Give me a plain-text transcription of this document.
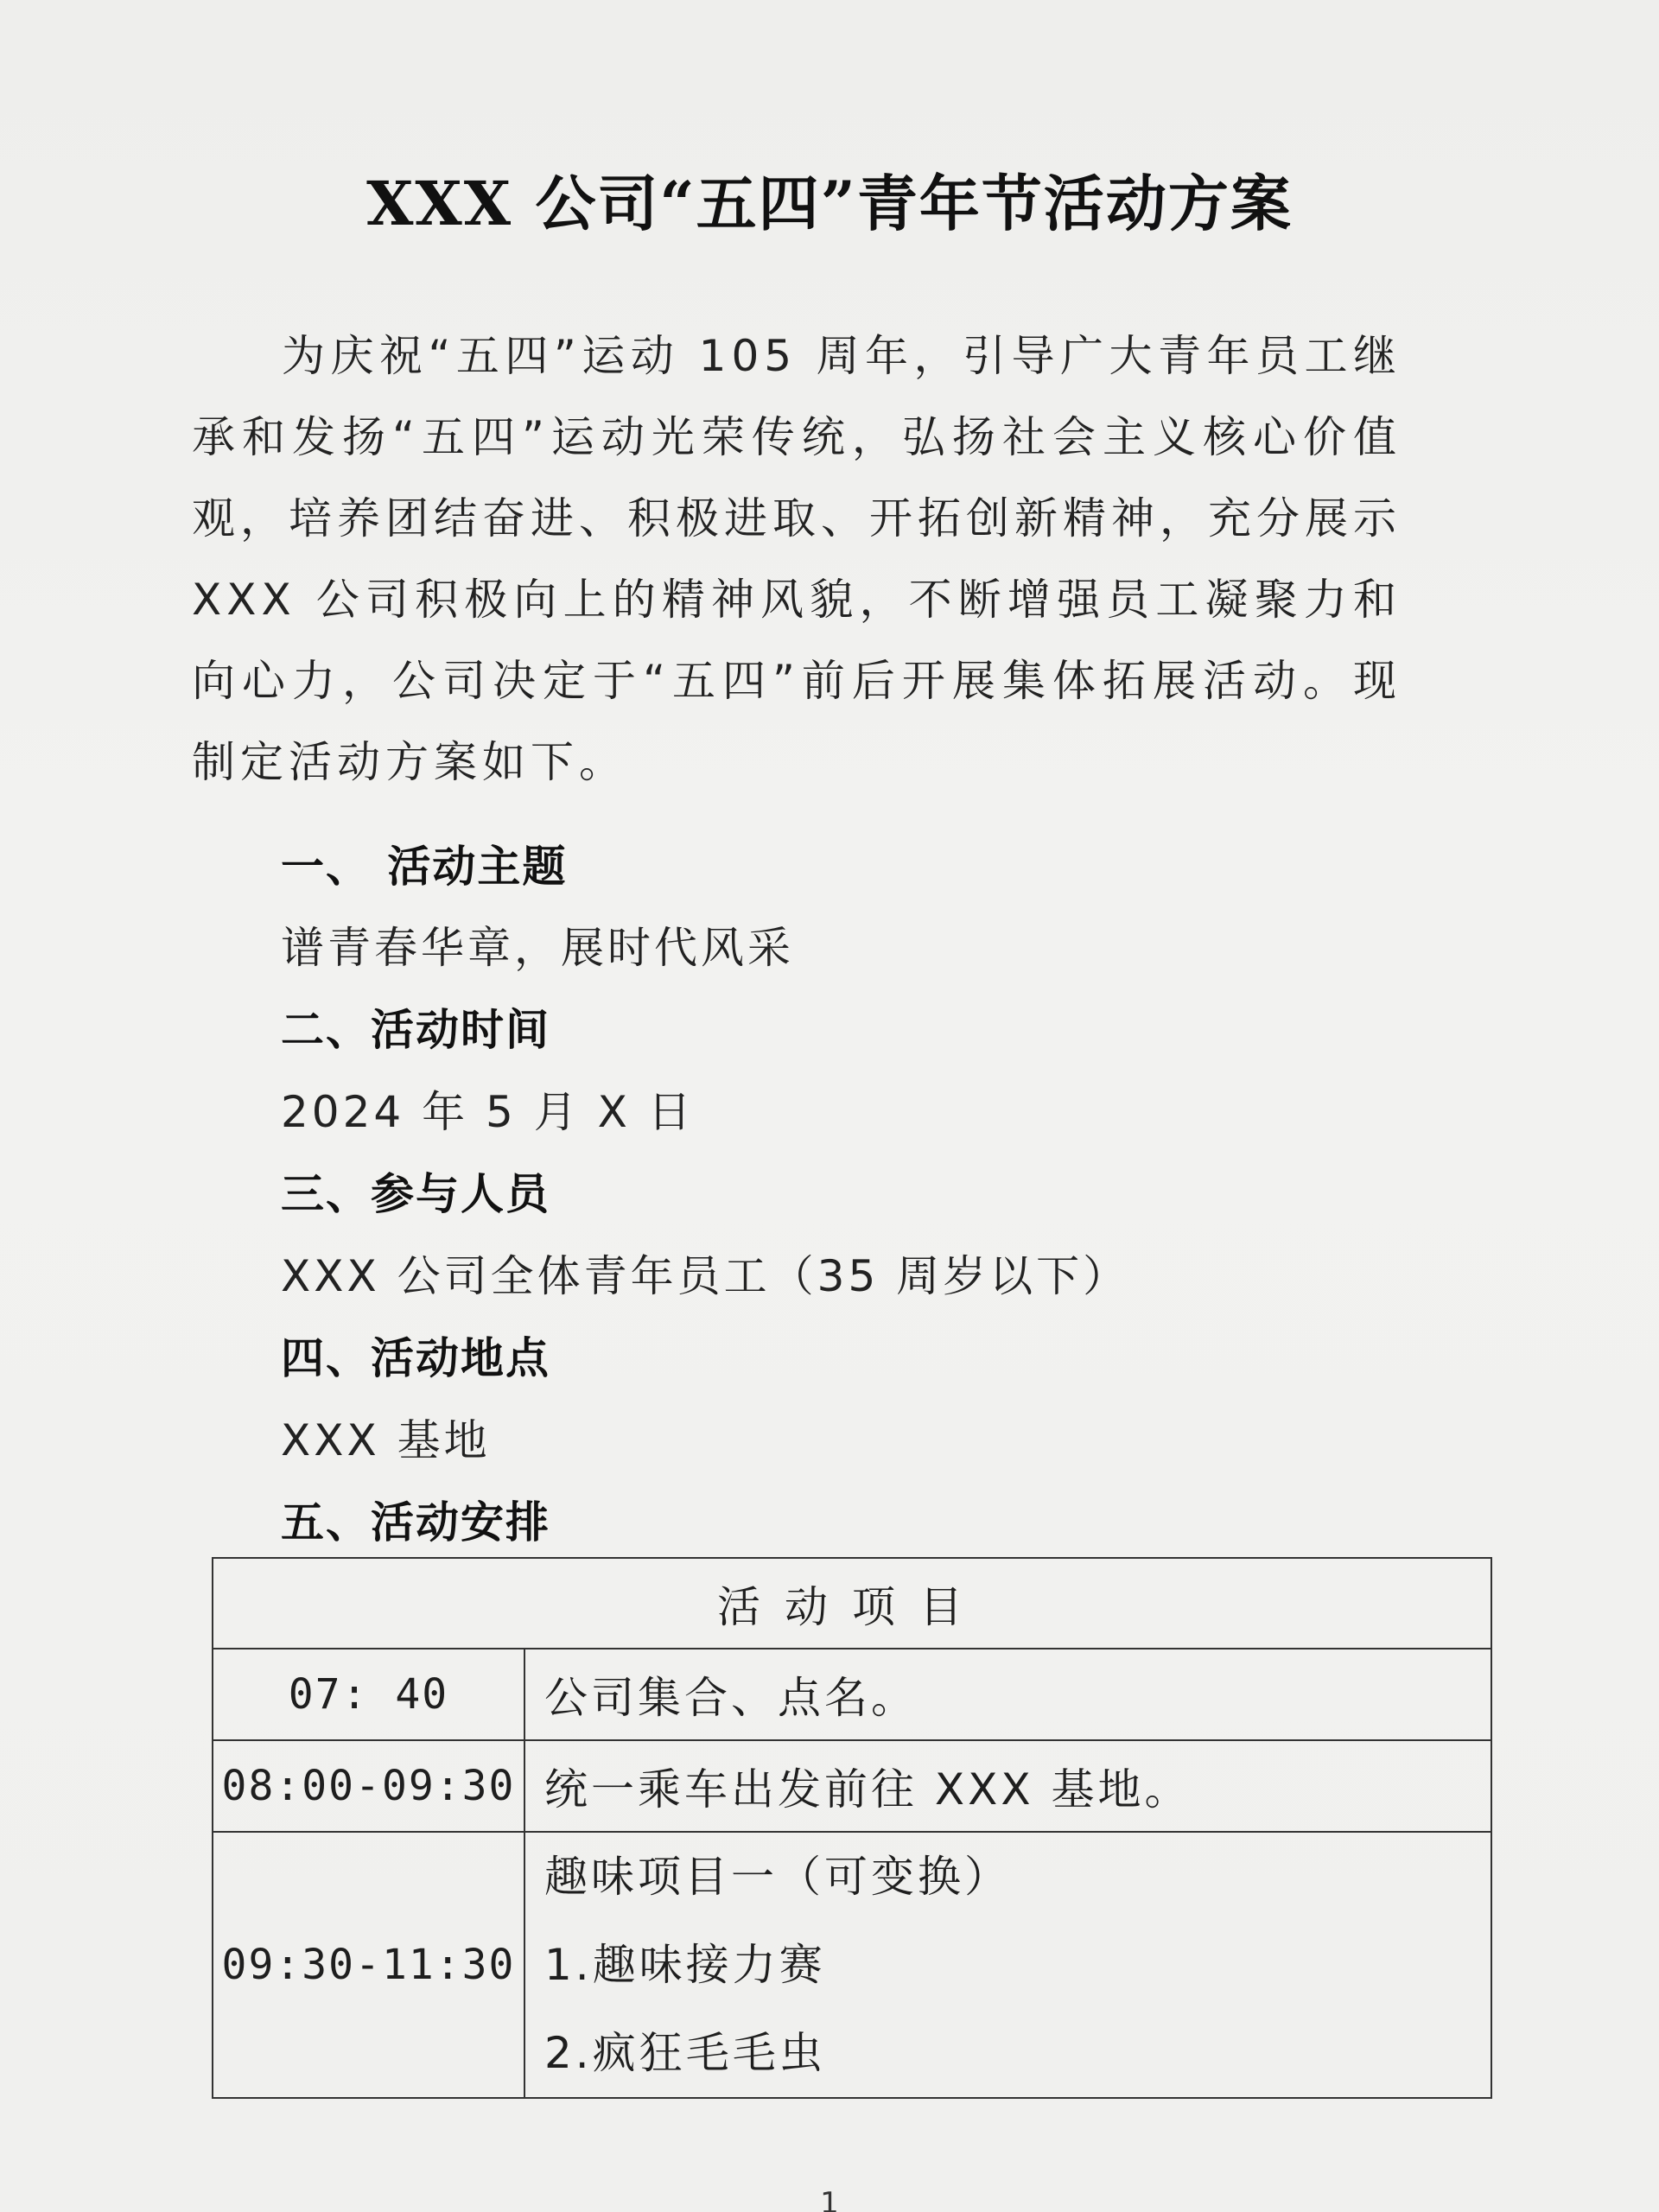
XXX 公司“五四”青年节活动方案

为庆祝“五四”运动 105 周年，引导广大青年员工继承和发扬“五四”运动光荣传统，弘扬社会主义核心价值观，培养团结奋进、积极进取、开拓创新精神，充分展示 XXX 公司积极向上的精神风貌，不断增强员工凝聚力和向心力，公司决定于“五四”前后开展集体拓展活动。现制定活动方案如下。

一、 活动主题
谱青春华章，展时代风采
二、活动时间
2024 年 5 月 X 日
三、参与人员
XXX 公司全体青年员工（35 周岁以下）
四、活动地点
XXX 基地
五、活动安排
活动项目	
07: 40	公司集合、点名。
08:00-09:30	统一乘车出发前往 XXX 基地。
09:30-11:30	趣味项目一（可变换）
1.趣味接力赛
2.疯狂毛毛虫
1
